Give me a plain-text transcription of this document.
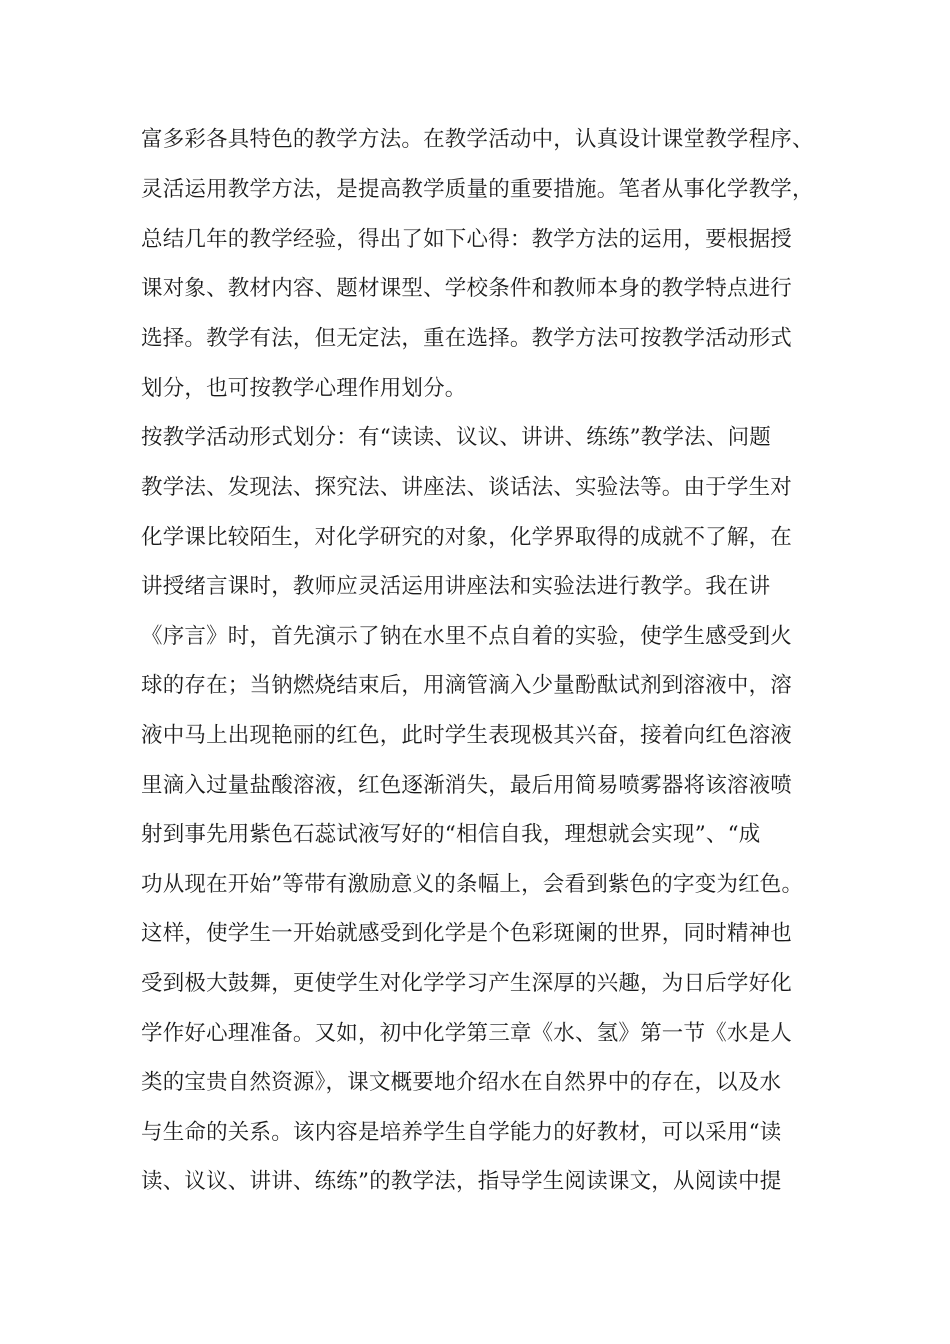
富多彩各具特色的教学方法。在教学活动中，认真设计课堂教学程序、
灵活运用教学方法，是提高教学质量的重要措施。笔者从事化学教学，
总结几年的教学经验，得出了如下心得：教学方法的运用，要根据授
课对象、教材内容、题材课型、学校条件和教师本身的教学特点进行
选择。教学有法，但无定法，重在选择。教学方法可按教学活动形式
划分，也可按教学心理作用划分。
按教学活动形式划分：有“读读、议议、讲讲、练练”教学法、问题
教学法、发现法、探究法、讲座法、谈话法、实验法等。由于学生对
化学课比较陌生，对化学研究的对象，化学界取得的成就不了解，在
讲授绪言课时，教师应灵活运用讲座法和实验法进行教学。我在讲
《序言》时，首先演示了钠在水里不点自着的实验，使学生感受到火
球的存在；当钠燃烧结束后，用滴管滴入少量酚酞试剂到溶液中，溶
液中马上出现艳丽的红色，此时学生表现极其兴奋，接着向红色溶液
里滴入过量盐酸溶液，红色逐渐消失，最后用简易喷雾器将该溶液喷
射到事先用紫色石蕊试液写好的“相信自我，理想就会实现”、“成
功从现在开始”等带有激励意义的条幅上，会看到紫色的字变为红色。
这样，使学生一开始就感受到化学是个色彩斑阑的世界，同时精神也
受到极大鼓舞，更使学生对化学学习产生深厚的兴趣，为日后学好化
学作好心理准备。又如，初中化学第三章《水、氢》第一节《水是人
类的宝贵自然资源》，课文概要地介绍水在自然界中的存在，以及水
与生命的关系。该内容是培养学生自学能力的好教材，可以采用“读
读、议议、讲讲、练练”的教学法，指导学生阅读课文，从阅读中提
